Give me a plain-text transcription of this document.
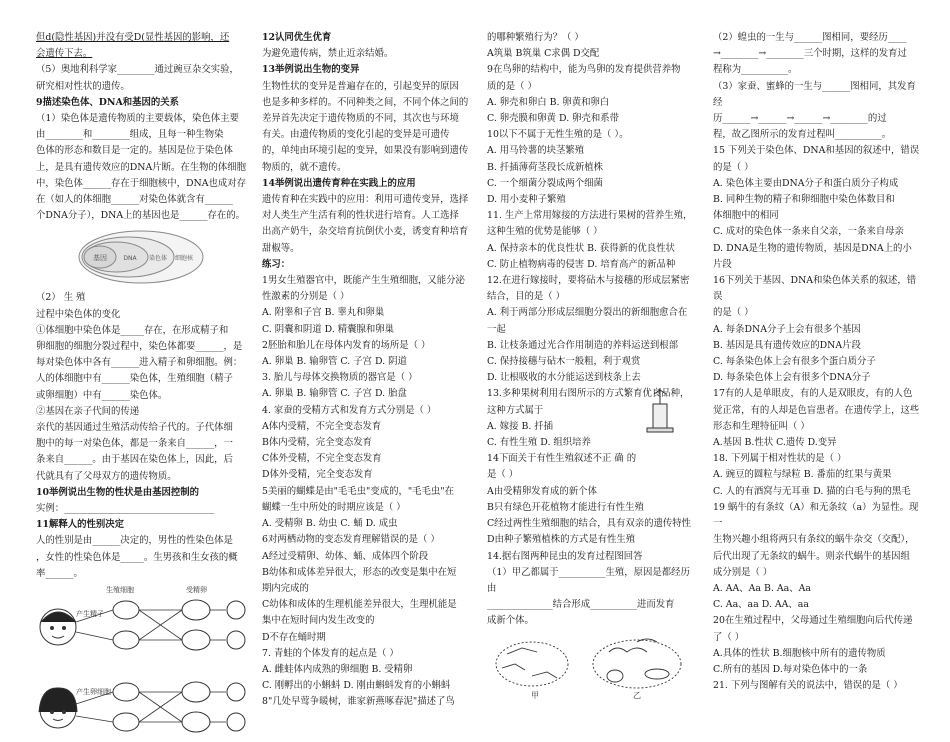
但d(隐性基因)并没有受D(显性基因的影响，还
会遗传下去。
（5）奥地利科学家________通过豌豆杂交实验，
研究相对性状的遗传。
9描述染色体、DNA和基因的关系
（1）染色体是遗传物质的主要载体，染色体主要
由________和________组成，且每一种生物染
色体的形态和数目是一定的。基因是位于染色体
上，是具有遗传效应的DNA片断。在生物的体细胞
中，染色体______存在于细胞核中，DNA也成对存
在（如人的体细胞______对染色体就含有______
个DNA分子），DNA上的基因也是______存在的。
基因	DNA 染色体 细胞核
（2） 生 殖
过程中染色体的变化
①体细胞中染色体是_____存在，在形成精子和
卵细胞的细胞分裂过程中，染色体都要______，是
每对染色体中各有______进入精子和卵细胞。例：
人的体细胞中有______染色体，生殖细胞（精子
或卵细胞）中有______染色体。
②基因在亲子代间的传递
亲代的基因通过生殖活动传给子代的。子代体细
胞中的每一对染色体，都是一条来自______，一
条来自______。由于基因在染色体上，因此，后
代就具有了父母双方的遗传物质。
10举例说出生物的性状是由基因控制的
实例：________________________________
11解释人的性别决定
人的性别是由______决定的，男性的性染色体是
，女性的性染色体是_____。生男孩和生女孩的概
率______。
生殖细胞	受精卵
产生精子
产生卵细胞
12认同优生优育
为避免遗传病，禁止近亲结婚。
13举例说出生物的变异
生物性状的变异是普遍存在的，引起变异的原因
也是多种多样的。不同种类之间，不同个体之间的
差异首先决定于遗传物质的不同，其次也与环境
有关。由遗传物质的变化引起的变异是可遗传
的，单纯由环境引起的变异，如果没有影响到遗传
物质的，就不遗传。
14举例说出遗传育种在实践上的应用
遗传育种在实践中的应用：利用可遗传变异，选择
对人类生产生活有利的性状进行培育。人工选择
出高产奶牛，杂交培育抗倒伏小麦，诱变育种培育
甜椒等。
练习：
1男女生殖器官中，既能产生生殖细胞，又能分泌
性激素的分别是（ ）
A. 附睾和子宫 B. 睾丸和卵巢
C. 阴囊和阴道 D. 精囊腺和卵巢
2胚胎和胎儿在母体内发育的场所是（ ）
A. 卵巢 B. 输卵管 C. 子宫 D. 阴道
3. 胎儿与母体交换物质的器官是（ ）
A. 卵巢 B. 输卵管 C. 子宫 D. 胎盘
4. 家蚕的受精方式和发育方式分别是（ ）
A体内受精，不完全变态发育
B体内受精，完全变态发育
C体外受精，不完全变态发育
D体外受精，完全变态发育
5美丽的蝴蝶是由"毛毛虫"变成的，"毛毛虫"在
蝴蝶一生中所处的时期应该是（ ）
A. 受精卵 B. 幼虫 C. 蛹 D. 成虫
6对两栖动物的变态发育理解错误的是（ ）
A经过受精卵、幼体、蛹、成体四个阶段
B幼体和成体差异很大，形态的改变是集中在短
期内完成的
C幼体和成体的生理机能差异很大，生理机能是
集中在短时间内发生改变的
D不存在蛹时期
7. 青蛙的个体发育的起点是（ ）
A. 雌蛙体内成熟的卵细胞 B. 受精卵
C. 刚孵出的小蝌蚪 D. 刚由蝌蚪发育的小蝌蚪
8"几处早莺争暖树，谁家新燕啄春泥"描述了鸟
的哪种繁殖行为？（ ）
A筑巢 B筑巢 C求偶 D交配
9在鸟卵的结构中，能为鸟卵的发育提供营养物
质的是（ ）
A. 卵壳和卵白 B. 卵黄和卵白
C. 卵壳膜和卵黄 D. 卵壳和系带
10以下不属于无性生殖的是（ ）。
A. 用马铃薯的块茎繁殖
B. 扦插薄荷茎段长成新植株
C. 一个细菌分裂成两个细菌
D. 用小麦种子繁殖
11. 生产上常用嫁接的方法进行果树的营养生殖，
这种生殖的优势是能够（ ）
A. 保持亲本的优良性状 B. 获得新的优良性状
C. 防止植物病毒的侵害 D. 培育高产的新品种
12.在进行嫁接时，要将砧木与接穗的形成层紧密
结合，目的是（ ）
A. 利于两部分形成层细胞分裂出的新细胞愈合在
一起
B. 让枝条通过光合作用制造的养料运送到根部
C. 保持接穗与砧木一般粗，利于观赏
D. 让根吸收的水分能运送到枝条上去
13.多种果树利用右图所示的方式繁育优良品种，
这种方式属于
A. 嫁接 B. 扦插
C. 有性生殖 D. 组织培养
14下面关于有性生殖叙述不正 确 的
是（ ）
A由受精卵发育成的新个体
B只有绿色开花植物才能进行有性生殖
C经过两性生殖细胞的结合，具有双亲的遗传特性
D由种子繁殖植株的方式是有性生殖
14.据右图两种昆虫的发育过程图回答
（1）甲乙都属于__________生殖，原因是都经历由
______________结合形成__________进而发育
成新个体。
甲	乙
（2）蝗虫的一生与______图相同，要经历____
→________→________三个时期，这样的发育过
程称为__________。
（3）家蚕、蜜蜂的一生与______图相同，其发育经
历______→______→______→________的过
程，故乙图所示的发育过程叫__________。
15 下列关于染色体、DNA和基因的叙述中，错误
的是（ ）
A. 染色体主要由DNA分子和蛋白质分子构成
B. 同种生物的精子和卵细胞中染色体数目和
体细胞中的相同
C. 成对的染色体一条来自父亲，一条来自母亲
D. DNA是生物的遗传物质，基因是DNA上的小
片段
16下列关于基因、DNA和染色体关系的叙述，错误
的是（ ）
A. 每条DNA分子上会有很多个基因
B. 基因是具有遗传效应的DNA片段
C. 每条染色体上会有很多个蛋白质分子
D. 每条染色体上会有很多个DNA分子
17有的人是单眼皮，有的人是双眼皮，有的人色
觉正常，有的人却是色盲患者。在遗传学上，这些
形态和生理特征叫（ ）
A.基因 B.性状 C.遗传 D.变异
18. 下列属于相对性状的是（ ）
A. 豌豆的圆粒与绿粒 B. 番茄的红果与黄果
C. 人的有酒窝与无耳垂 D. 猫的白毛与狗的黑毛
19 蜗牛的有条纹（A）和无条纹（a）为显性。现一
生物兴趣小组将两只有条纹的蜗牛杂交（交配），
后代出现了无条纹的蜗牛。则亲代蜗牛的基因组
成分别是（ ）
A. AA、Aa B. Aa、Aa
C. Aa、aa D. AA、aa
20在生殖过程中，父母通过生殖细胞向后代传递
了（ ）
A.具体的性状 B.细胞核中所有的遗传物质
C.所有的基因 D.每对染色体中的一条
21. 下列与图解有关的说法中，错误的是（ ）
